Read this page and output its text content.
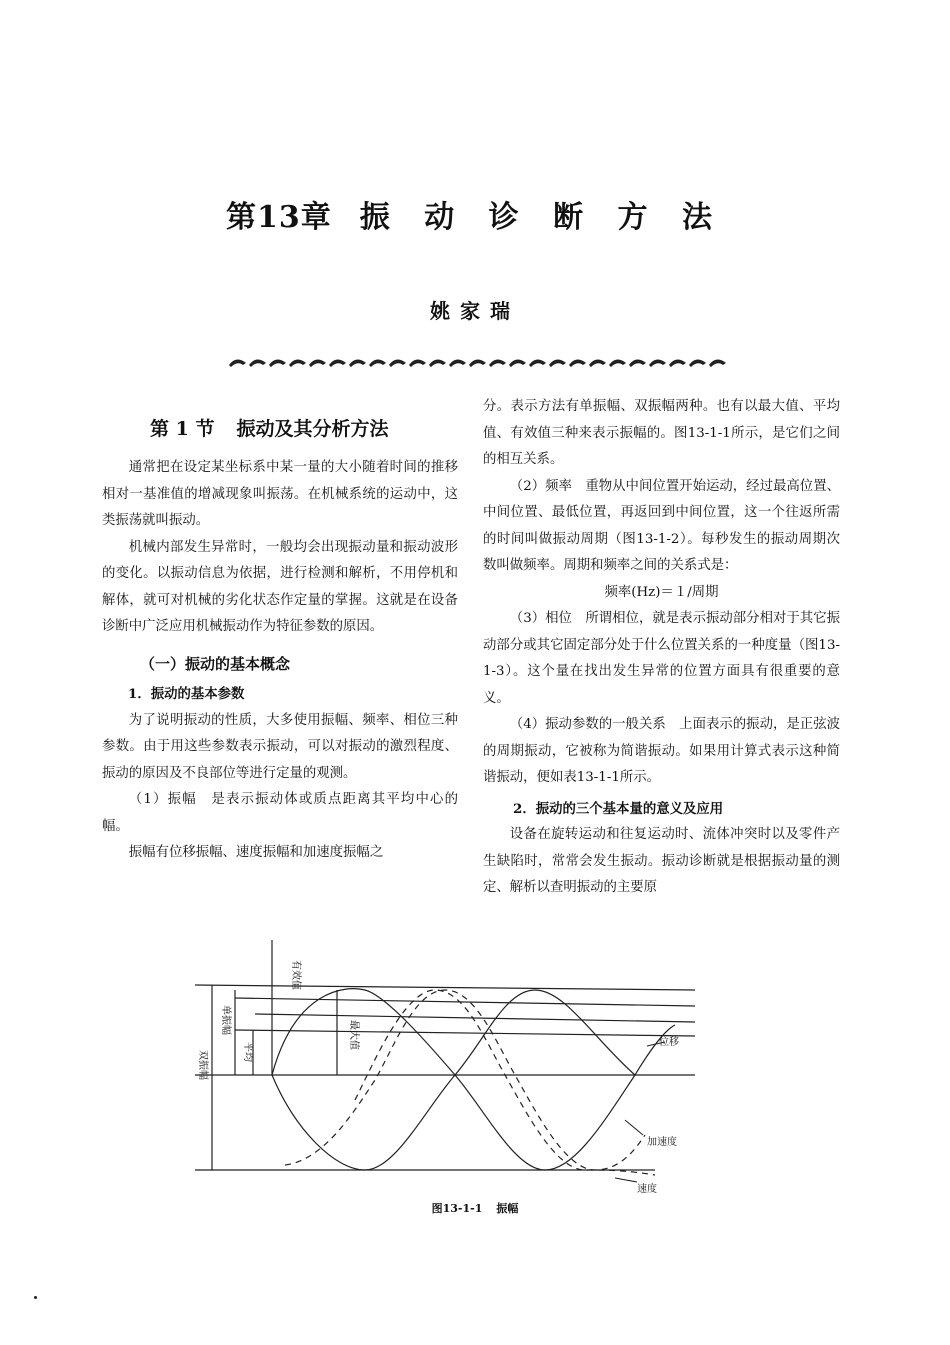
第13章 振 动 诊 断 方 法
姚家瑞
第 1 节 振动及其分析方法

通常把在设定某坐标系中某一量的大小随着时间的推移相对一基准值的增减现象叫振荡。在机械系统的运动中，这类振荡就叫振动。

机械内部发生异常时，一般均会出现振动量和振动波形的变化。以振动信息为依据，进行检测和解析，不用停机和解体，就可对机械的劣化状态作定量的掌握。这就是在设备诊断中广泛应用机械振动作为特征参数的原因。

（一）振动的基本概念

1．振动的基本参数

为了说明振动的性质，大多使用振幅、频率、相位三种参数。由于用这些参数表示振动，可以对振动的激烈程度、振动的原因及不良部位等进行定量的观测。

（1）振幅　是表示振动体或质点距离其平均中心的幅。

振幅有位移振幅、速度振幅和加速度振幅之

分。表示方法有单振幅、双振幅两种。也有以最大值、平均值、有效值三种来表示振幅的。图13-1-1所示，是它们之间的相互关系。

（2）频率　重物从中间位置开始运动，经过最高位置、中间位置、最低位置，再返回到中间位置，这一个往返所需的时间叫做振动周期（图13-1-2）。每秒发生的振动周期次数叫做频率。周期和频率之间的关系式是：

频率(Hz)＝１/周期

（3）相位　所谓相位，就是表示振动部分相对于其它振动部分或其它固定部分处于什么位置关系的一种度量（图13-1-3）。这个量在找出发生异常的位置方面具有很重要的意义。

（4）振动参数的一般关系　上面表示的振动，是正弦波的周期振动，它被称为简谐振动。如果用计算式表示这种简谐振动，便如表13-1-1所示。

2．振动的三个基本量的意义及应用

设备在旋转运动和往复运动时、流体冲突时以及零件产生缺陷时，常常会发生振动。振动诊断就是根据振动量的测定、解析以查明振动的主要原

有效值
单振幅
平均
双振幅
最大值	位移
加速度
速度
图13-1-1 振幅
